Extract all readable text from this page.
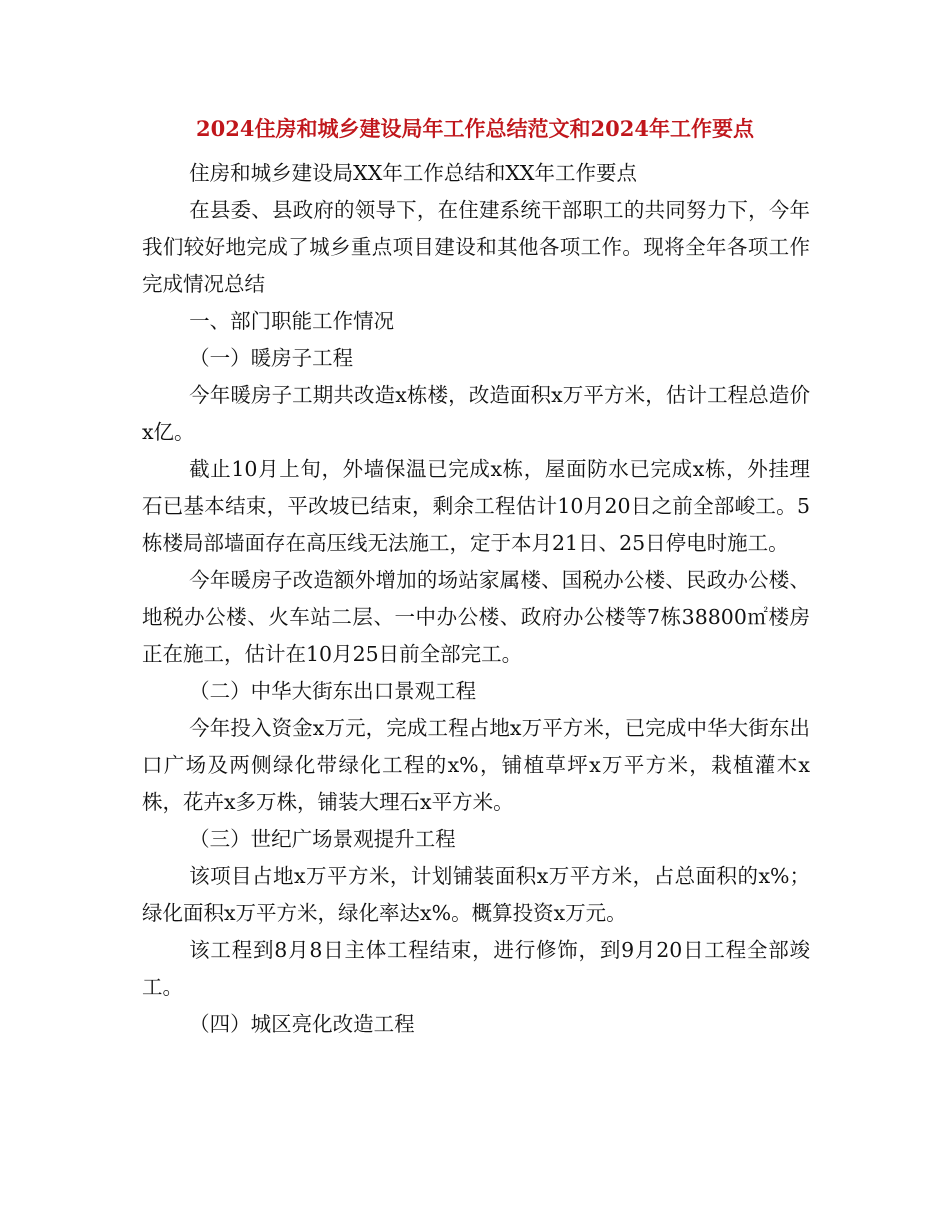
2024住房和城乡建设局年工作总结范文和2024年工作要点

住房和城乡建设局XX年工作总结和XX年工作要点

在县委、县政府的领导下，在住建系统干部职工的共同努力下，今年 我们较好地完成了城乡重点项目建设和其他各项工作。现将全年各项工作完成情况总结

一、部门职能工作情况

（一）暖房子工程

今年暖房子工期共改造x栋楼，改造面积x万平方米，估计工程总造价x亿。

截止10月上旬，外墙保温已完成x栋，屋面防水已完成x栋，外挂理石已基本结束，平改坡已结束，剩余工程估计10月20日之前全部峻工。5栋楼局部墙面存在高压线无法施工，定于本月21日、25日停电时施工。

今年暖房子改造额外增加的场站家属楼、国税办公楼、民政办公楼、地税办公楼、火车站二层、一中办公楼、政府办公楼等7栋38800㎡楼房正在施工，估计在10月25日前全部完工。

（二）中华大街东出口景观工程

今年投入资金x万元，完成工程占地x万平方米，已完成中华大街东出口广场及两侧绿化带绿化工程的x%，铺植草坪x万平方米，栽植灌木x株，花卉x多万株，铺装大理石x平方米。

（三）世纪广场景观提升工程

该项目占地x万平方米，计划铺装面积x万平方米，占总面积的x%；绿化面积x万平方米，绿化率达x%。概算投资x万元。

该工程到8月8日主体工程结束，进行修饰，到9月20日工程全部竣工。

（四）城区亮化改造工程
